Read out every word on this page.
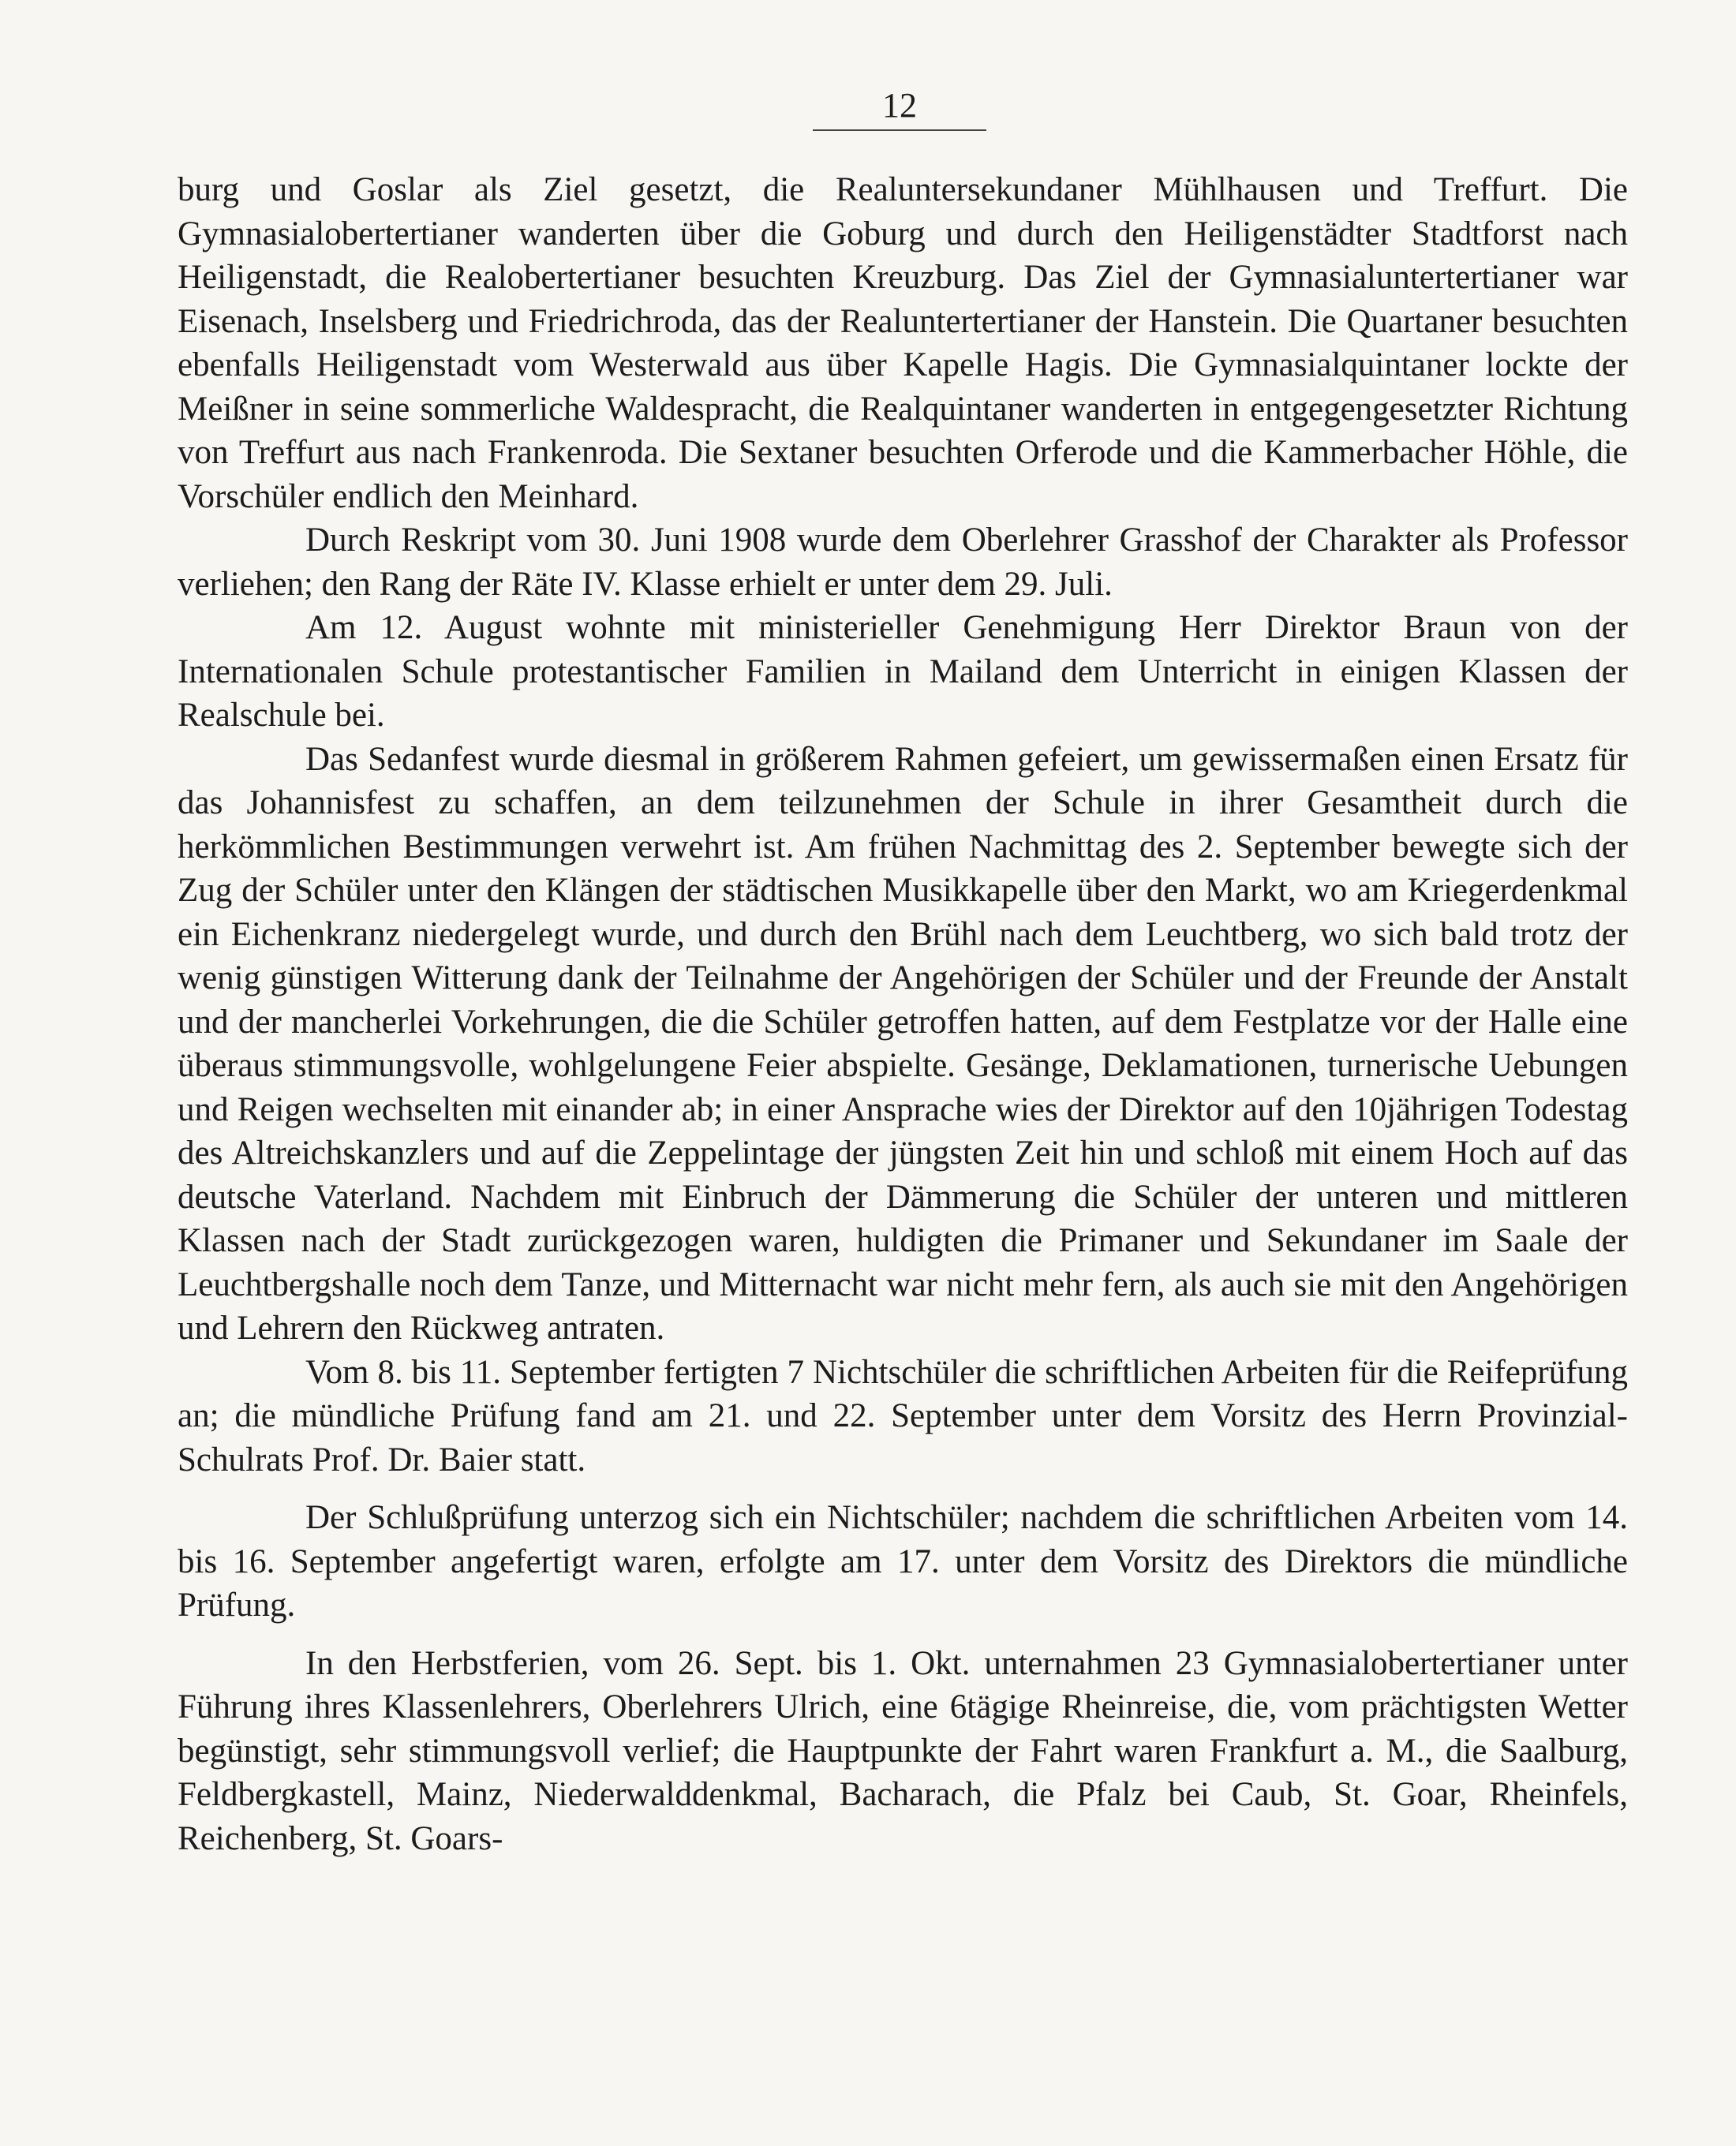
12

burg und Goslar als Ziel gesetzt, die Realuntersekundaner Mühlhausen und Treffurt. Die Gymnasialobertertianer wanderten über die Goburg und durch den Heiligenstädter Stadtforst nach Heiligenstadt, die Realobertertianer besuchten Kreuzburg. Das Ziel der Gymnasialuntertertianer war Eisenach, Inselsberg und Friedrichroda, das der Realuntertertianer der Hanstein. Die Quartaner besuchten ebenfalls Heiligenstadt vom Westerwald aus über Kapelle Hagis. Die Gymnasialquintaner lockte der Meißner in seine sommerliche Waldespracht, die Realquintaner wanderten in entgegengesetzter Richtung von Treffurt aus nach Frankenroda. Die Sextaner besuchten Orferode und die Kammerbacher Höhle, die Vorschüler endlich den Meinhard.

Durch Reskript vom 30. Juni 1908 wurde dem Oberlehrer Grasshof der Charakter als Professor verliehen; den Rang der Räte IV. Klasse erhielt er unter dem 29. Juli.

Am 12. August wohnte mit ministerieller Genehmigung Herr Direktor Braun von der Internationalen Schule protestantischer Familien in Mailand dem Unterricht in einigen Klassen der Realschule bei.

Das Sedanfest wurde diesmal in größerem Rahmen gefeiert, um gewissermaßen einen Ersatz für das Johannisfest zu schaffen, an dem teilzunehmen der Schule in ihrer Gesamtheit durch die herkömmlichen Bestimmungen verwehrt ist. Am frühen Nachmittag des 2. September bewegte sich der Zug der Schüler unter den Klängen der städtischen Musikkapelle über den Markt, wo am Kriegerdenkmal ein Eichenkranz niedergelegt wurde, und durch den Brühl nach dem Leuchtberg, wo sich bald trotz der wenig günstigen Witterung dank der Teilnahme der Angehörigen der Schüler und der Freunde der Anstalt und der mancherlei Vorkehrungen, die die Schüler getroffen hatten, auf dem Festplatze vor der Halle eine überaus stimmungsvolle, wohlgelungene Feier abspielte. Gesänge, Deklamationen, turnerische Uebungen und Reigen wechselten mit einander ab; in einer Ansprache wies der Direktor auf den 10jährigen Todestag des Altreichskanzlers und auf die Zeppelintage der jüngsten Zeit hin und schloß mit einem Hoch auf das deutsche Vaterland. Nachdem mit Einbruch der Dämmerung die Schüler der unteren und mittleren Klassen nach der Stadt zurückgezogen waren, huldigten die Primaner und Sekundaner im Saale der Leuchtbergshalle noch dem Tanze, und Mitternacht war nicht mehr fern, als auch sie mit den Angehörigen und Lehrern den Rückweg antraten.

Vom 8. bis 11. September fertigten 7 Nichtschüler die schriftlichen Arbeiten für die Reifeprüfung an; die mündliche Prüfung fand am 21. und 22. September unter dem Vorsitz des Herrn Provinzial-Schulrats Prof. Dr. Baier statt.

Der Schlußprüfung unterzog sich ein Nichtschüler; nachdem die schriftlichen Arbeiten vom 14. bis 16. September angefertigt waren, erfolgte am 17. unter dem Vorsitz des Direktors die mündliche Prüfung.

In den Herbstferien, vom 26. Sept. bis 1. Okt. unternahmen 23 Gymnasialobertertianer unter Führung ihres Klassenlehrers, Oberlehrers Ulrich, eine 6tägige Rheinreise, die, vom prächtigsten Wetter begünstigt, sehr stimmungsvoll verlief; die Hauptpunkte der Fahrt waren Frankfurt a. M., die Saalburg, Feldbergkastell, Mainz, Niederwalddenkmal, Bacharach, die Pfalz bei Caub, St. Goar, Rheinfels, Reichenberg, St. Goars-
